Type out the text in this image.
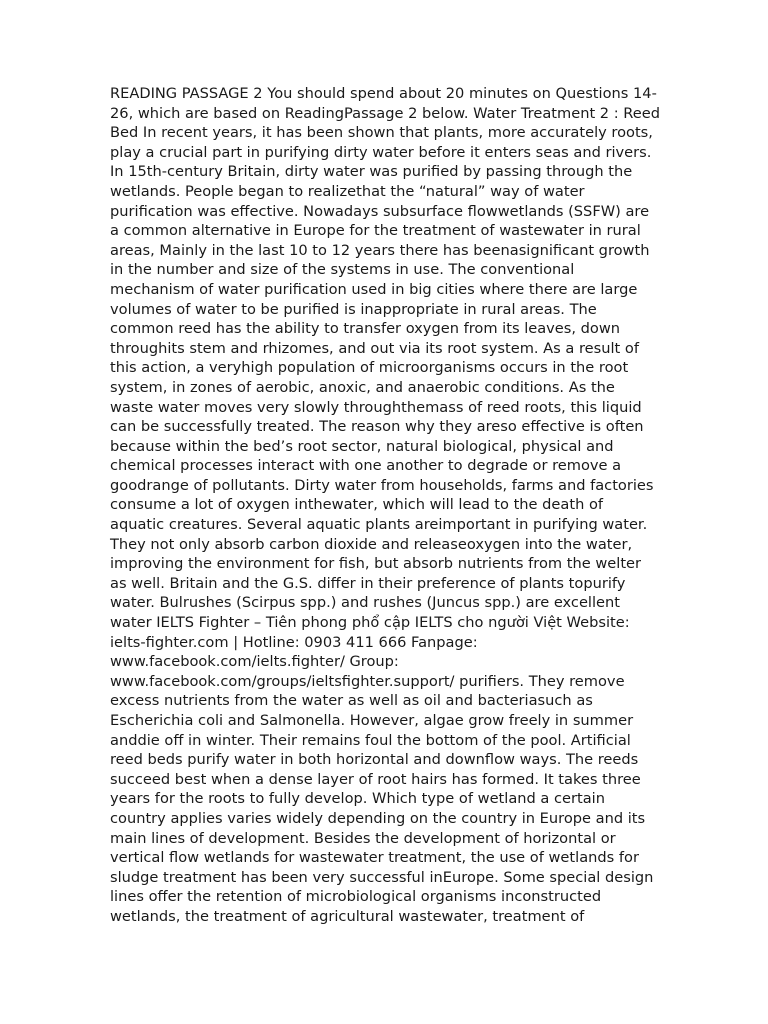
READING PASSAGE 2 You should spend about 20 minutes on Questions 14-
26, which are based on ReadingPassage 2 below. Water Treatment 2 : Reed
Bed In recent years, it has been shown that plants, more accurately roots,
play a crucial part in purifying dirty water before it enters seas and rivers.
In 15th-century Britain, dirty water was purified by passing through the
wetlands. People began to realizethat the “natural” way of water
purification was effective. Nowadays subsurface flowwetlands (SSFW) are
a common alternative in Europe for the treatment of wastewater in rural
areas, Mainly in the last 10 to 12 years there has beenasignificant growth
in the number and size of the systems in use. The conventional
mechanism of water purification used in big cities where there are large
volumes of water to be purified is inappropriate in rural areas. The
common reed has the ability to transfer oxygen from its leaves, down
throughits stem and rhizomes, and out via its root system. As a result of
this action, a veryhigh population of microorganisms occurs in the root
system, in zones of aerobic, anoxic, and anaerobic conditions. As the
waste water moves very slowly throughthemass of reed roots, this liquid
can be successfully treated. The reason why they areso effective is often
because within the bed’s root sector, natural biological, physical and
chemical processes interact with one another to degrade or remove a
goodrange of pollutants. Dirty water from households, farms and factories
consume a lot of oxygen inthewater, which will lead to the death of
aquatic creatures. Several aquatic plants areimportant in purifying water.
They not only absorb carbon dioxide and releaseoxygen into the water,
improving the environment for fish, but absorb nutrients from the welter
as well. Britain and the G.S. differ in their preference of plants topurify
water. Bulrushes (Scirpus spp.) and rushes (Juncus spp.) are excellent
water IELTS Fighter – Tiên phong phổ cập IELTS cho người Việt Website:
ielts-fighter.com | Hotline: 0903 411 666 Fanpage:
www.facebook.com/ielts.fighter/ Group:
www.facebook.com/groups/ieltsfighter.support/ purifiers. They remove
excess nutrients from the water as well as oil and bacteriasuch as
Escherichia coli and Salmonella. However, algae grow freely in summer
anddie off in winter. Their remains foul the bottom of the pool. Artificial
reed beds purify water in both horizontal and downflow ways. The reeds
succeed best when a dense layer of root hairs has formed. It takes three
years for the roots to fully develop. Which type of wetland a certain
country applies varies widely depending on the country in Europe and its
main lines of development. Besides the development of horizontal or
vertical flow wetlands for wastewater treatment, the use of wetlands for
sludge treatment has been very successful inEurope. Some special design
lines offer the retention of microbiological organisms inconstructed
wetlands, the treatment of agricultural wastewater, treatment of
